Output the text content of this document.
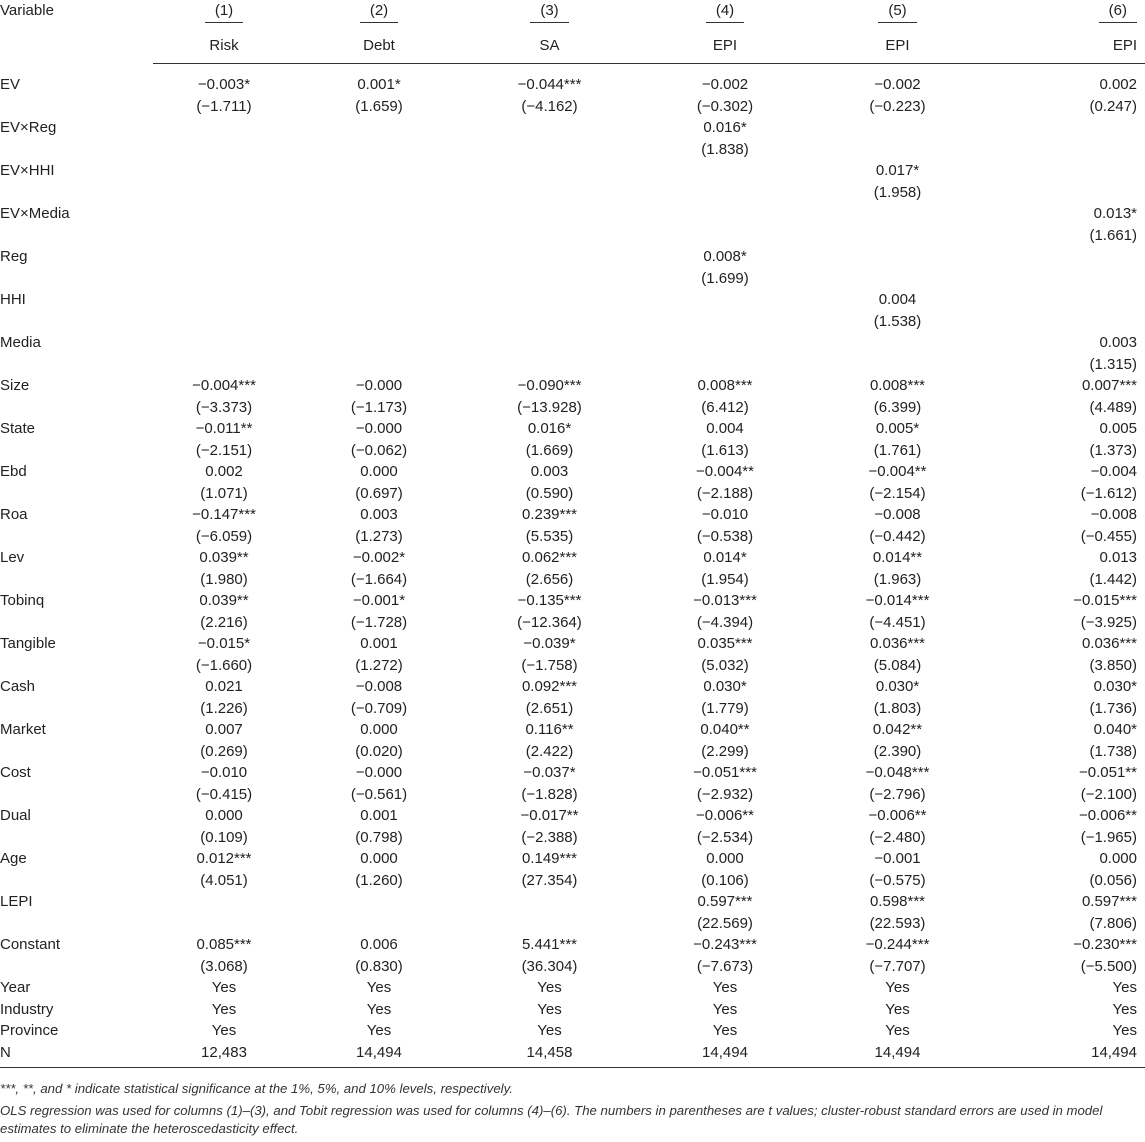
Variable	(1)	(2)	(3)	(4)	(5)	(6)
	Risk	Debt	SA	EPI	EPI	EPI
EV	−0.003*	0.001*	−0.044***	−0.002	−0.002	0.002
	(−1.711)	(1.659)	(−4.162)	(−0.302)	(−0.223)	(0.247)
EV×Reg				0.016*		
				(1.838)		
EV×HHI					0.017*	
					(1.958)	
EV×Media						0.013*
						(1.661)
Reg				0.008*		
				(1.699)		
HHI					0.004	
					(1.538)	
Media						0.003
						(1.315)
Size	−0.004***	−0.000	−0.090***	0.008***	0.008***	0.007***
	(−3.373)	(−1.173)	(−13.928)	(6.412)	(6.399)	(4.489)
State	−0.011**	−0.000	0.016*	0.004	0.005*	0.005
	(−2.151)	(−0.062)	(1.669)	(1.613)	(1.761)	(1.373)
Ebd	0.002	0.000	0.003	−0.004**	−0.004**	−0.004
	(1.071)	(0.697)	(0.590)	(−2.188)	(−2.154)	(−1.612)
Roa	−0.147***	0.003	0.239***	−0.010	−0.008	−0.008
	(−6.059)	(1.273)	(5.535)	(−0.538)	(−0.442)	(−0.455)
Lev	0.039**	−0.002*	0.062***	0.014*	0.014**	0.013
	(1.980)	(−1.664)	(2.656)	(1.954)	(1.963)	(1.442)
Tobinq	0.039**	−0.001*	−0.135***	−0.013***	−0.014***	−0.015***
	(2.216)	(−1.728)	(−12.364)	(−4.394)	(−4.451)	(−3.925)
Tangible	−0.015*	0.001	−0.039*	0.035***	0.036***	0.036***
	(−1.660)	(1.272)	(−1.758)	(5.032)	(5.084)	(3.850)
Cash	0.021	−0.008	0.092***	0.030*	0.030*	0.030*
	(1.226)	(−0.709)	(2.651)	(1.779)	(1.803)	(1.736)
Market	0.007	0.000	0.116**	0.040**	0.042**	0.040*
	(0.269)	(0.020)	(2.422)	(2.299)	(2.390)	(1.738)
Cost	−0.010	−0.000	−0.037*	−0.051***	−0.048***	−0.051**
	(−0.415)	(−0.561)	(−1.828)	(−2.932)	(−2.796)	(−2.100)
Dual	0.000	0.001	−0.017**	−0.006**	−0.006**	−0.006**
	(0.109)	(0.798)	(−2.388)	(−2.534)	(−2.480)	(−1.965)
Age	0.012***	0.000	0.149***	0.000	−0.001	0.000
	(4.051)	(1.260)	(27.354)	(0.106)	(−0.575)	(0.056)
LEPI				0.597***	0.598***	0.597***
				(22.569)	(22.593)	(7.806)
Constant	0.085***	0.006	5.441***	−0.243***	−0.244***	−0.230***
	(3.068)	(0.830)	(36.304)	(−7.673)	(−7.707)	(−5.500)
Year	Yes	Yes	Yes	Yes	Yes	Yes
Industry	Yes	Yes	Yes	Yes	Yes	Yes
Province	Yes	Yes	Yes	Yes	Yes	Yes
N	12,483	14,494	14,458	14,494	14,494	14,494

***, **, and * indicate statistical significance at the 1%, 5%, and 10% levels, respectively.

OLS regression was used for columns (1)–(3), and Tobit regression was used for columns (4)–(6). The numbers in parentheses are t values; cluster-robust standard errors are used in model estimates to eliminate the heteroscedasticity effect.
